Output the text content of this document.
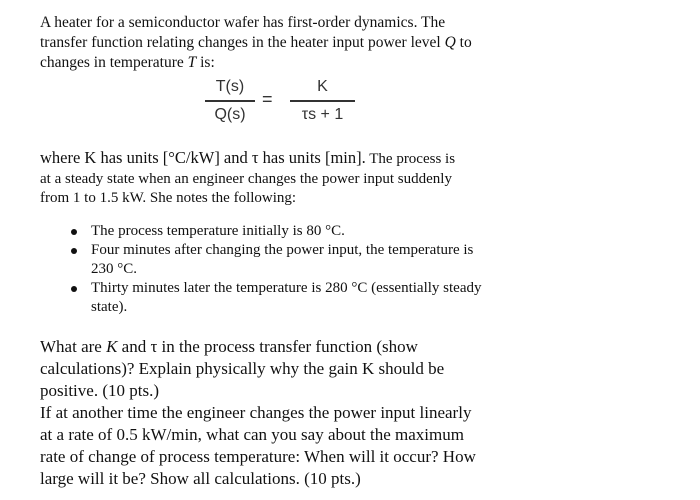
A heater for a semiconductor wafer has first-order dynamics. The
transfer function relating changes in the heater input power level Q to
changes in temperature T is:

T(s)
Q(s)
=
K
τs + 1

where K has units [°C/kW] and τ has units [min]. The process is
at a steady state when an engineer changes the power input suddenly
from 1 to 1.5 kW. She notes the following:

The process temperature initially is 80 °C.
Four minutes after changing the power input, the temperature is
230 °C.
Thirty minutes later the temperature is 280 °C (essentially steady
state).

What are K and τ in the process transfer function (show
calculations)? Explain physically why the gain K should be
positive. (10 pts.)

If at another time the engineer changes the power input linearly
at a rate of 0.5 kW/min, what can you say about the maximum
rate of change of process temperature: When will it occur? How
large will it be? Show all calculations. (10 pts.)
